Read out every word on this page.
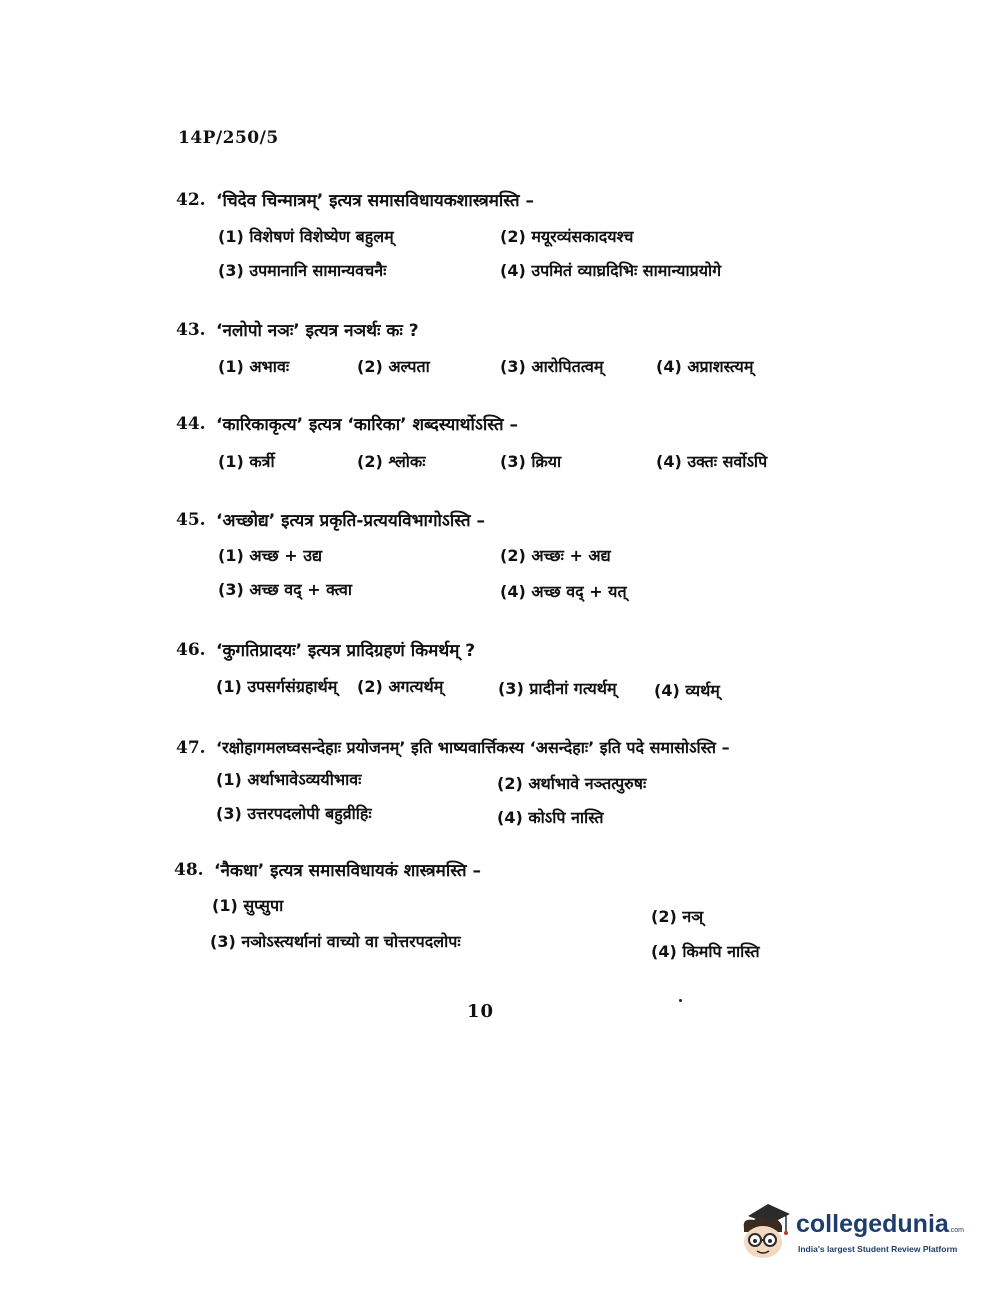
14P/250/5
42. ‘चिदेव चिन्मात्रम्’ इत्यत्र समासविधायकशास्त्रमस्ति –
(1) विशेषणं विशेष्येण बहुलम्	(2) मयूरव्यंसकादयश्च
(3) उपमानानि सामान्यवचनैः	(4) उपमितं व्याघ्रदिभिः सामान्याप्रयोगे
43. ‘नलोपो नञः’ इत्यत्र नञर्थः कः ?
(1) अभावः	(2) अल्पता	(3) आरोपितत्वम्	(4) अप्राशस्त्यम्
44. ‘कारिकाकृत्य’ इत्यत्र ‘कारिका’ शब्दस्यार्थोऽस्ति –
(1) कर्त्री	(2) श्लोकः	(3) क्रिया	(4) उक्तः सर्वोऽपि
45. ‘अच्छोद्य’ इत्यत्र प्रकृति-प्रत्ययविभागोऽस्ति –
(1) अच्छ + उद्य	(2) अच्छः + अद्य
(3) अच्छ वद् + क्त्वा	(4) अच्छ वद् + यत्
46. ‘कुगतिप्रादयः’ इत्यत्र प्रादिग्रहणं किमर्थम् ?
(1) उपसर्गसंग्रहार्थम् (2) अगत्यर्थम्	(3) प्रादीनां गत्यर्थम् (4) व्यर्थम्
47. ‘रक्षोहागमलघ्वसन्देहाः प्रयोजनम्’ इति भाष्यवार्त्तिकस्य ‘असन्देहाः’ इति पदे समासोऽस्ति –
(1) अर्थाभावेऽव्ययीभावः	(2) अर्थाभावे नञ्तत्पुरुषः
(3) उत्तरपदलोपी बहुव्रीहिः	(4) कोऽपि नास्ति
48. ‘नैकधा’ इत्यत्र समासविधायकं शास्त्रमस्ति –
(1) सुप्सुपा
(2) नञ्
(3) नञोऽस्त्यर्थानां वाच्यो वा चोत्तरपदलोपः
(4) किमपि नास्ति
10
collegedunia.com
India's largest Student Review Platform
